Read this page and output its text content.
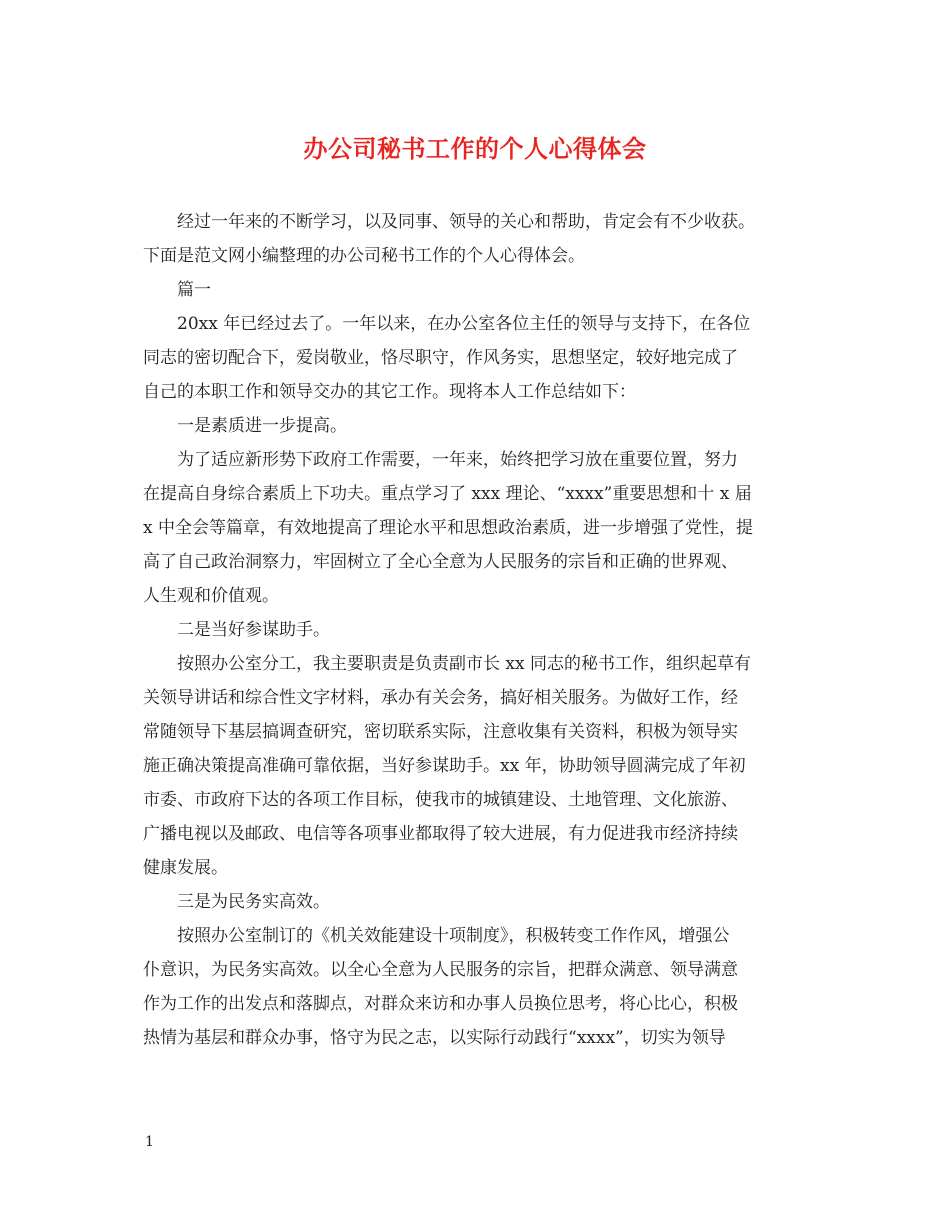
办公司秘书工作的个人心得体会
经过一年来的不断学习，以及同事、领导的关心和帮助，肯定会有不少收获。
下面是范文网小编整理的办公司秘书工作的个人心得体会。
篇一
20xx 年已经过去了。一年以来，在办公室各位主任的领导与支持下，在各位
同志的密切配合下，爱岗敬业，恪尽职守，作风务实，思想坚定，较好地完成了
自己的本职工作和领导交办的其它工作。现将本人工作总结如下：
一是素质进一步提高。
为了适应新形势下政府工作需要，一年来，始终把学习放在重要位置，努力
在提高自身综合素质上下功夫。重点学习了 xxx 理论、“xxxx”重要思想和十 x 届
x 中全会等篇章，有效地提高了理论水平和思想政治素质，进一步增强了党性，提
高了自己政治洞察力，牢固树立了全心全意为人民服务的宗旨和正确的世界观、
人生观和价值观。
二是当好参谋助手。
按照办公室分工，我主要职责是负责副市长 xx 同志的秘书工作，组织起草有
关领导讲话和综合性文字材料，承办有关会务，搞好相关服务。为做好工作，经
常随领导下基层搞调查研究，密切联系实际，注意收集有关资料，积极为领导实
施正确决策提高准确可靠依据，当好参谋助手。xx 年，协助领导圆满完成了年初
市委、市政府下达的各项工作目标，使我市的城镇建设、土地管理、文化旅游、
广播电视以及邮政、电信等各项事业都取得了较大进展，有力促进我市经济持续
健康发展。
三是为民务实高效。
按照办公室制订的《机关效能建设十项制度》，积极转变工作作风，增强公
仆意识，为民务实高效。以全心全意为人民服务的宗旨，把群众满意、领导满意
作为工作的出发点和落脚点，对群众来访和办事人员换位思考，将心比心，积极
热情为基层和群众办事，恪守为民之志，以实际行动践行“xxxx”，切实为领导
1
